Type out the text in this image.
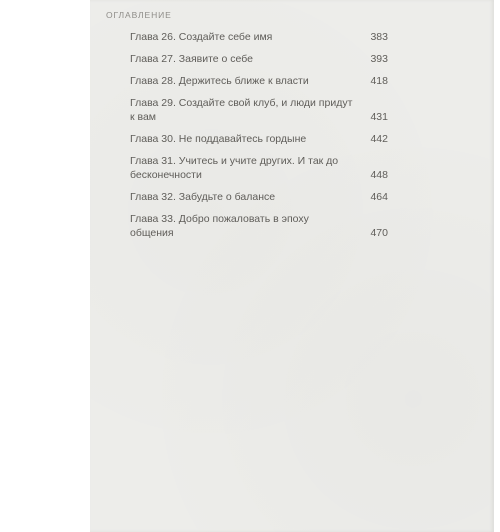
ОГЛАВЛЕНИЕ
Глава 26. Создайте себе имя	383
Глава 27. Заявите о себе	393
Глава 28. Держитесь ближе к власти	418
Глава 29. Создайте свой клуб, и люди придут к вам	431
Глава 30. Не поддавайтесь гордыне	442
Глава 31. Учитесь и учите других. И так до бесконечности	448
Глава 32. Забудьте о балансе	464
Глава 33. Добро пожаловать в эпоху общения	470
